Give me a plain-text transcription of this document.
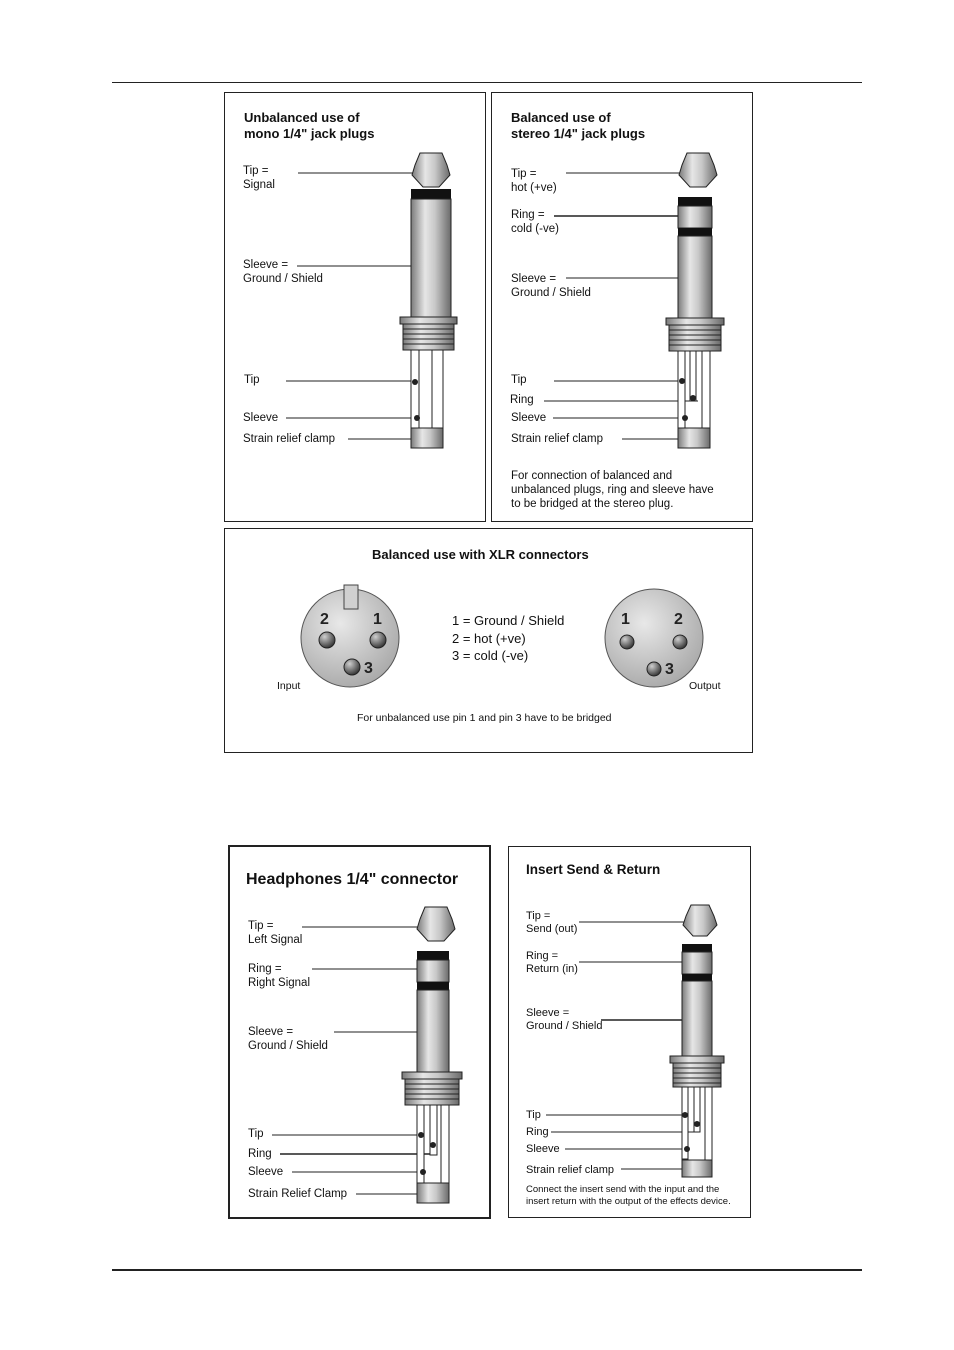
Unbalanced use of
mono 1/4" jack plugs
Tip =
Signal
Sleeve =
Ground / Shield
Tip
Sleeve
Strain relief clamp
Balanced use of
stereo 1/4" jack plugs
Tip =
hot (+ve)
Ring =
cold (-ve)
Sleeve =
Ground / Shield
Tip
Ring
Sleeve
Strain relief clamp
For connection of balanced and
unbalanced plugs, ring and sleeve have
to be bridged at the stereo plug.
Balanced use with XLR connectors
1 = Ground / Shield
2 = hot (+ve)
3 = cold (-ve)
Input	Output
For unbalanced use pin 1 and pin 3 have to be bridged
2	1
3
1	2
3
Headphones 1/4" connector
Tip =
Left Signal
Ring =
Right Signal
Sleeve =
Ground / Shield
Tip
Ring
Sleeve
Strain Relief Clamp
Insert Send & Return
Tip =
Send (out)
Ring =
Return (in)
Sleeve =
Ground / Shield
Tip
Ring
Sleeve
Strain relief clamp
Connect the insert send with the input and the
insert return with the output of the effects device.
